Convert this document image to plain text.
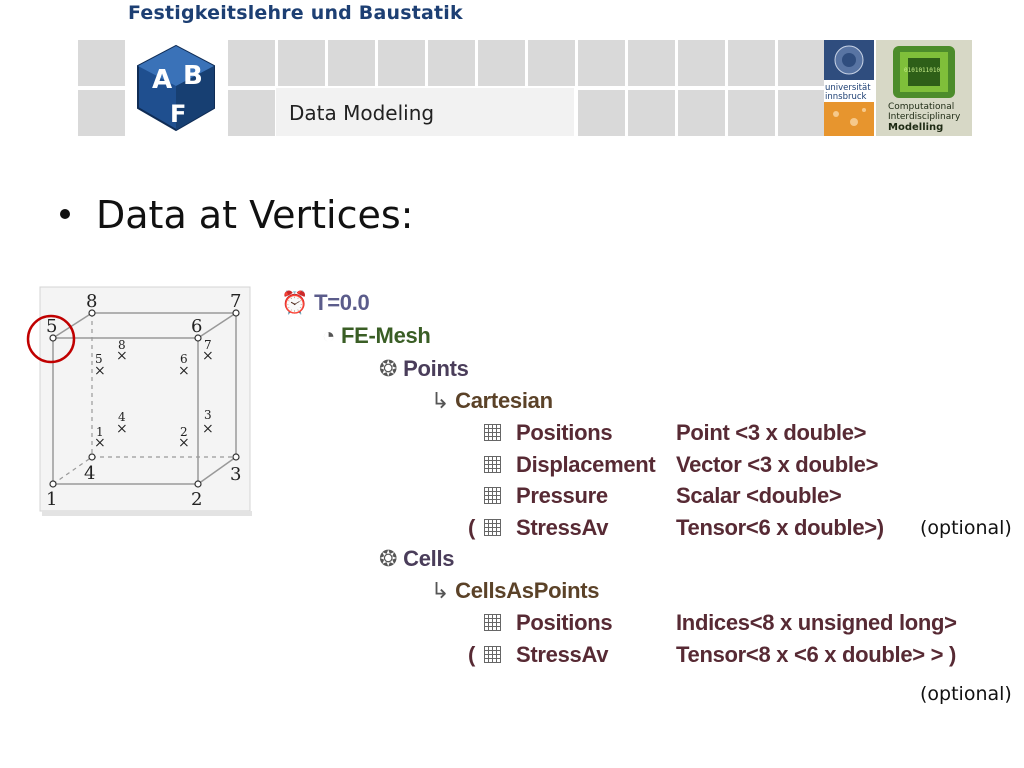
Festigkeitslehre und Baustatik
Data Modeling
A B
F
universität
innsbruck
0101011010
Computational
Interdisciplinary
Modelling
Data at Vertices:
1	2
3
4
5	6
7
8
1
×
2
×
3
×
4
×
5
×
6
×
7
×
8
×
⏰ T=0.0
◔ FE-Mesh
❂ Points
↳ Cartesian
Positions	Point <3 x double>
Displacement Vector <3 x double>
Pressure	Scalar <double>
( StressAv	Tensor<6 x double>) (optional)
❂ Cells
↳ CellsAsPoints
Positions	Indices<8 x unsigned long>
( StressAv	Tensor<8 x <6 x double> > )
(optional)
